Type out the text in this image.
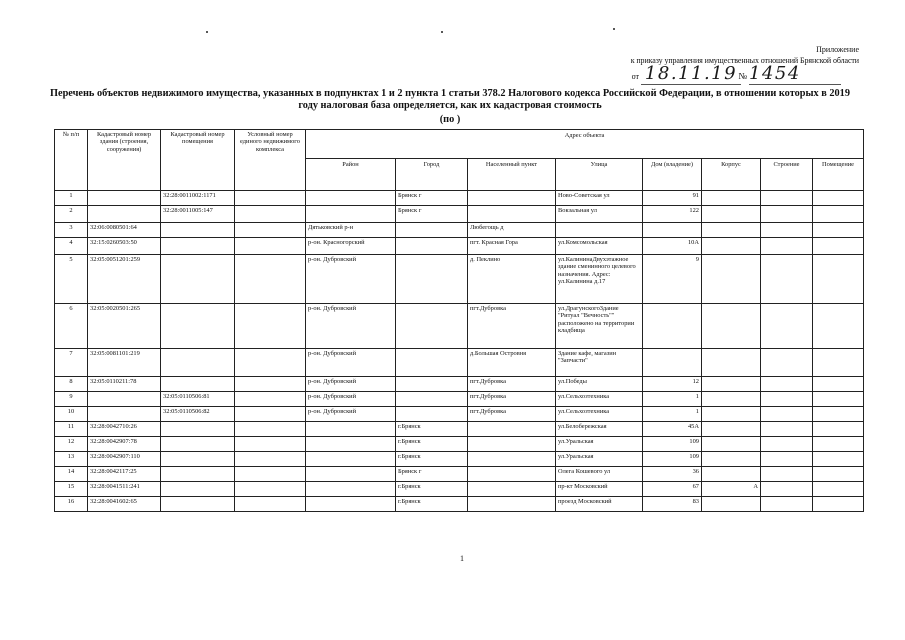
Приложение
к приказу управления имущественных отношений Брянской области
от 18.11.19 № 1454
Перечень объектов недвижимого имущества, указанных в подпунктах 1 и 2 пункта 1 статьи 378.2 Налогового кодекса Российской Федерации, в отношении которых в 2019 году налоговая база определяется, как их кадастровая стоимость
(по )
№ п/п	Кадастровый номер здания (строения, сооружения)	Кадастровый номер помещения	Условный номер единого недвижимого комплекса	Адрес объекта							
				Район	Город	Населенный пункт	Улица	Дом (владение)	Корпус	Строение	Помещение
1		32:28:0011002:1171			Брянск г		Ново-Советская ул	91			
2		32:28:0011005:147			Брянск г		Вокзальная ул	122			
3	32:06:0080501:64			Дятьковский р-н		Любегощь д					
4	32:15:0260503:50			р-он. Красногорский		пгт. Красная Гора	ул.Комсомольская	10А			
5	32:05:0051201:259			р-он. Дубровский		д. Пеклино	ул.КалининаДвухэтажное здание сменинного целевого назначения. Адрес: ул.Калинина д.17	9			
6	32:05:0020501:265			р-он. Дубровский		пгт.Дубровка	ул.ДрагунскогоЗдание "Ритуал "Вечность"" расположено на территории кладбища				
7	32:05:0081101:219			р-он. Дубровский		д.Большая Островня	Здание кафе, магазин "Запчасти"				
8	32:05:0110211:78			р-он. Дубровский		пгт.Дубровка	ул.Победы	12			
9		32:05:0110506:81		р-он. Дубровский		пгт.Дубровка	ул.Сельхозтехника	1			
10		32:05:0110506:82		р-он. Дубровский		пгт.Дубровка	ул.Сельхозтехника	1			
11	32:28:0042710:26				г.Брянск		ул.Белобережская	45А			
12	32:28:0042907:78				г.Брянск		ул.Уральская	109			
13	32:28:0042907:110				г.Брянск		ул.Уральская	109			
14	32:28:0042117:25				Брянск г		Олега Кошевого ул	36			
15	32:28:0041511:241				г.Брянск		пр-кт Московский	67	А		
16	32:28:0041602:65				г.Брянск		проезд Московский	83			
1
